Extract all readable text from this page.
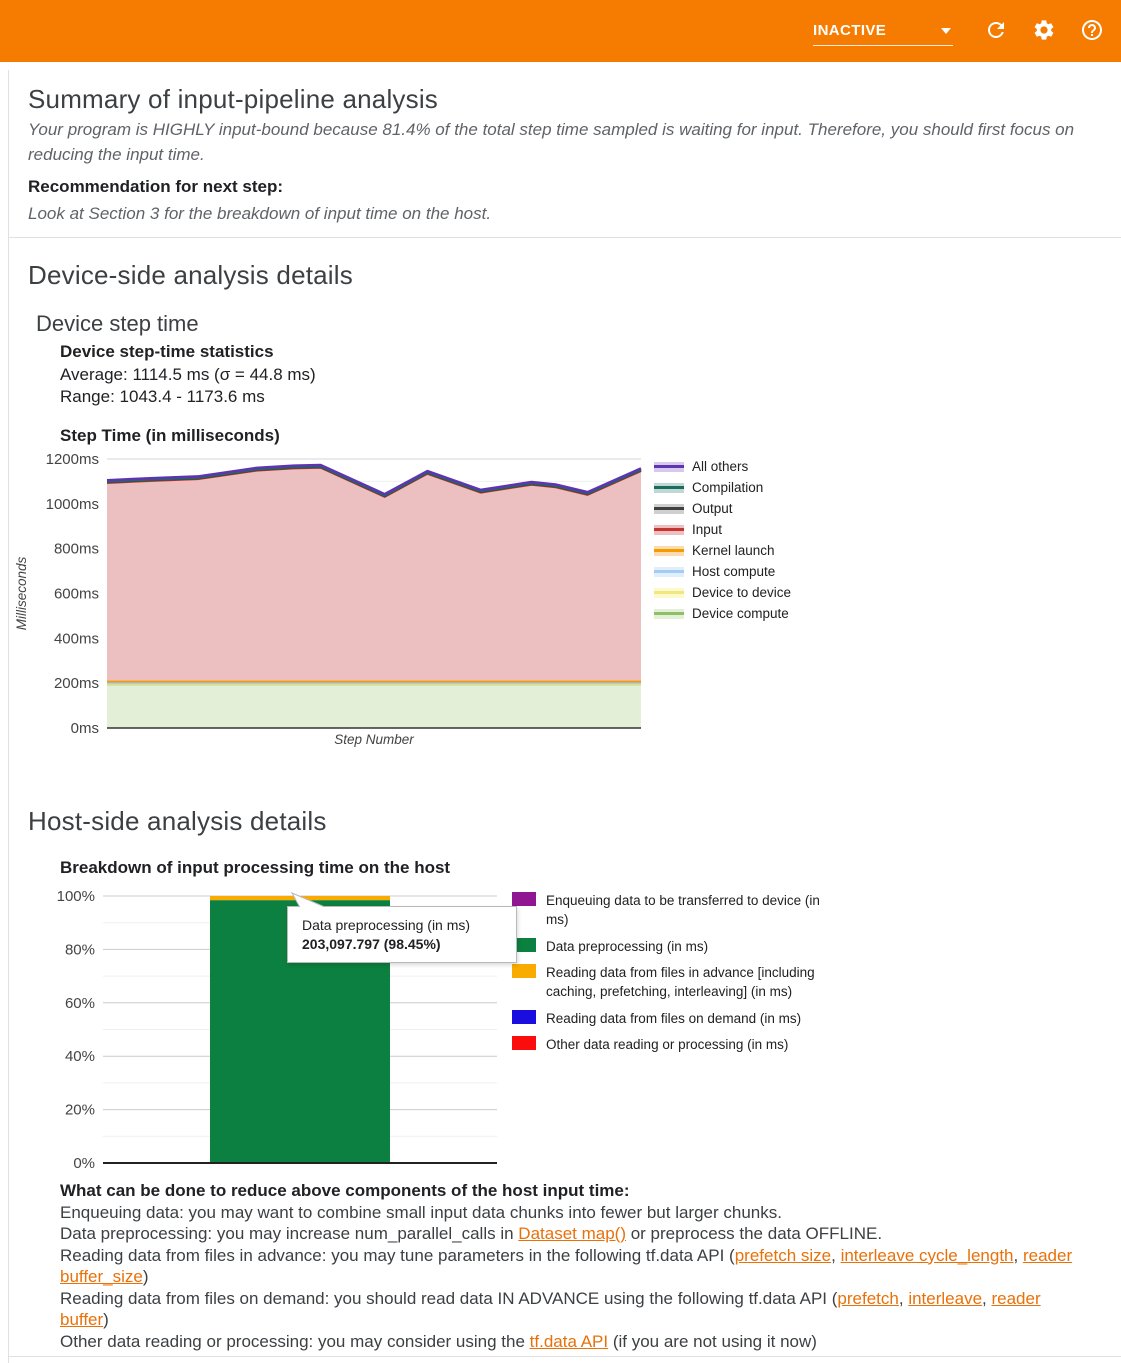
INACTIVE
Summary of input-pipeline analysis

Your program is HIGHLY input-bound because 81.4% of the total step time sampled is waiting for input. Therefore, you should first focus on reducing the input time.

Recommendation for next step:
Look at Section 3 for the breakdown of input time on the host.
Device-side analysis details
Device step time
Device step-time statistics
Average: 1114.5 ms (σ = 44.8 ms)
Range: 1043.4 - 1173.6 ms
Step Time (in milliseconds)
0ms
200ms
400ms
600ms
800ms
1000ms
1200ms
Step Number
Milliseconds
All others
Compilation
Output
Input
Kernel launch
Host compute
Device to device
Device compute
Host-side analysis details
Breakdown of input processing time on the host
0%
20%
40%
60%
80%
100%	Enqueuing data to be transferred to device (in ms)
Data preprocessing (in ms)
Reading data from files in advance [including caching, prefetching, interleaving] (in ms)
Reading data from files on demand (in ms)
Other data reading or processing (in ms)
Data preprocessing (in ms)
203,097.797 (98.45%)
What can be done to reduce above components of the host input time:
Enqueuing data: you may want to combine small input data chunks into fewer but larger chunks.
Data preprocessing: you may increase num_parallel_calls in Dataset map() or preprocess the data OFFLINE.
Reading data from files in advance: you may tune parameters in the following tf.data API (prefetch size, interleave cycle_length, reader buffer_size)
Reading data from files on demand: you should read data IN ADVANCE using the following tf.data API (prefetch, interleave, reader buffer)
Other data reading or processing: you may consider using the tf.data API (if you are not using it now)
